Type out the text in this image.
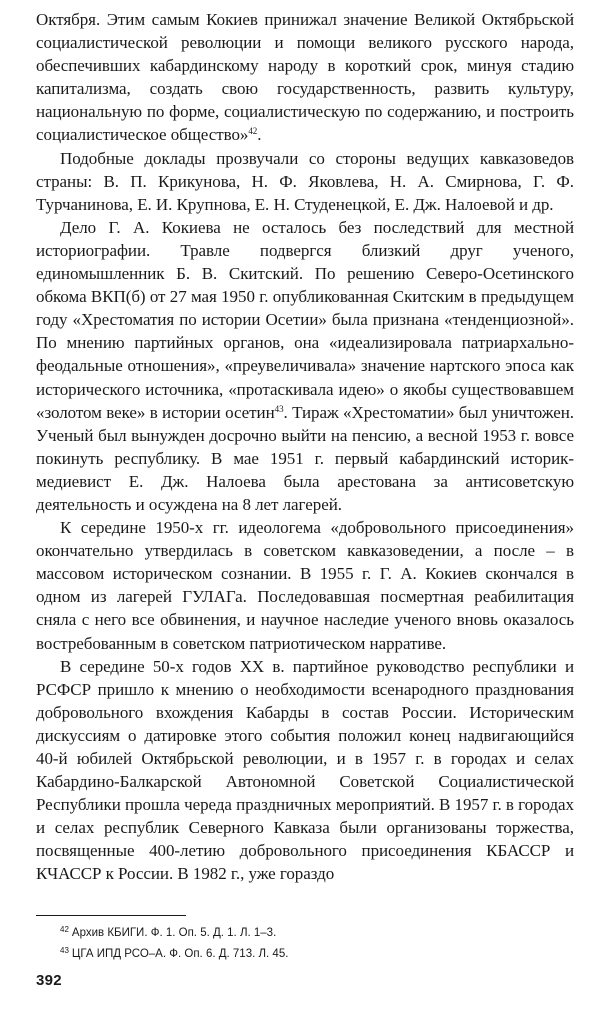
Октября. Этим самым Кокиев принижал значение Великой Октябрьской социалистической революции и помощи великого русского народа, обеспечивших кабардинскому народу в короткий срок, минуя стадию капитализма, создать свою государственность, развить культуру, национальную по форме, социалистическую по содержанию, и построить социалистическое общество»$^{42}$.

Подобные доклады прозвучали со стороны ведущих кавказоведов страны: В. П. Крикунова, Н. Ф. Яковлева, Н. А. Смирнова, Г. Ф. Турчанинова, Е. И. Крупнова, Е. Н. Студенецкой, Е. Дж. Налоевой и др.

Дело Г. А. Кокиева не осталось без последствий для местной историографии. Травле подвергся близкий друг ученого, единомышленник Б. В. Скитский. По решению Северо-Осетинского обкома ВКП(б) от 27 мая 1950 г. опубликованная Скитским в предыдущем году «Хрестоматия по истории Осетии» была признана «тенденциозной». По мнению партийных органов, она «идеализировала патриархально-феодальные отношения», «преувеличивала» значение нартского эпоса как исторического источника, «протаскивала идею» о якобы существовавшем «золотом веке» в истории осетин$^{43}$. Тираж «Хрестоматии» был уничтожен. Ученый был вынужден досрочно выйти на пенсию, а весной 1953 г. вовсе покинуть республику. В мае 1951 г. первый кабардинский историк-медиевист Е. Дж. Налоева была арестована за антисоветскую деятельность и осуждена на 8 лет лагерей.

К середине 1950-х гг. идеологема «добровольного присоединения» окончательно утвердилась в советском кавказоведении, а после – в массовом историческом сознании. В 1955 г. Г. А. Кокиев скончался в одном из лагерей ГУЛАГа. Последовавшая посмертная реабилитация сняла с него все обвинения, и научное наследие ученого вновь оказалось востребованным в советском патриотическом нарративе.

В середине 50-х годов XX в. партийное руководство республики и РСФСР пришло к мнению о необходимости всенародного празднования добровольного вхождения Кабарды в состав России. Историческим дискуссиям о датировке этого события положил конец надвигающийся 40-й юбилей Октябрьской революции, и в 1957 г. в городах и селах Кабардино-Балкарской Автономной Советской Социалистической Республики прошла череда праздничных мероприятий. В 1957 г. в городах и селах республик Северного Кавказа были организованы торжества, посвященные 400-летию добровольного присоединения КБАССР и КЧАССР к России. В 1982 г., уже гораздо

$^{42}$ Архив КБИГИ. Ф. 1. Оп. 5. Д. 1. Л. 1–3.
$^{43}$ ЦГА ИПД РСО–А. Ф. Оп. 6. Д. 713. Л. 45.
392
